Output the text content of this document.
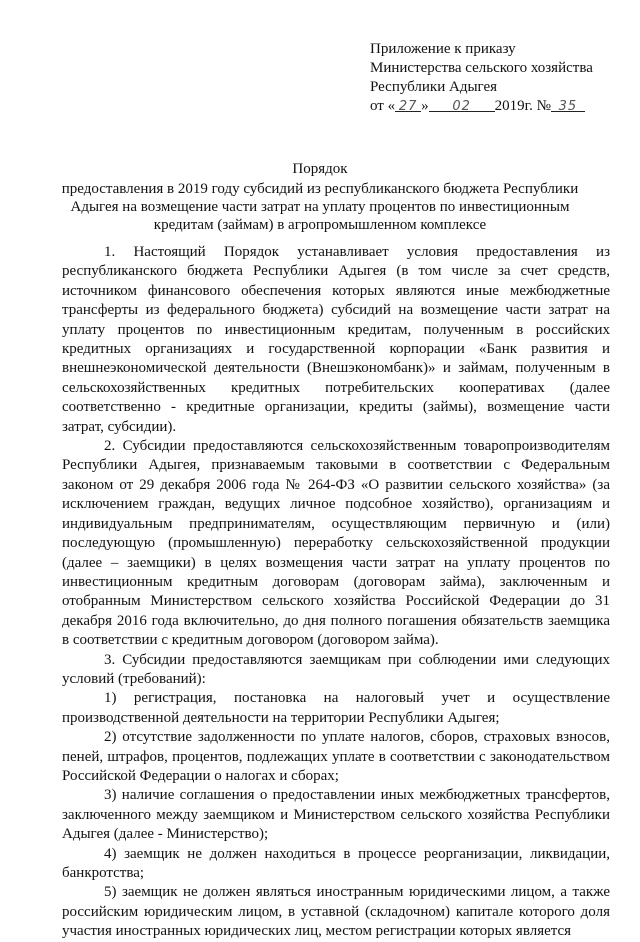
Приложение к приказу
Министерства сельского хозяйства
Республики Адыгея
от « 27 » 02 2019г. № 35
Порядок
предоставления в 2019 году субсидий из республиканского бюджета Республики Адыгея на возмещение части затрат на уплату процентов по инвестиционным кредитам (займам) в агропромышленном комплексе

1. Настоящий Порядок устанавливает условия предоставления из республиканского бюджета Республики Адыгея (в том числе за счет средств, источником финансового обеспечения которых являются иные межбюджетные трансферты из федерального бюджета) субсидий на возмещение части затрат на уплату процентов по инвестиционным кредитам, полученным в российских кредитных организациях и государственной корпорации «Банк развития и внешнеэкономической деятельности (Внешэкономбанк)» и займам, полученным в сельскохозяйственных кредитных потребительских кооперативах (далее соответственно - кредитные организации, кредиты (займы), возмещение части затрат, субсидии).

2. Субсидии предоставляются сельскохозяйственным товаропроизводителям Республики Адыгея, признаваемым таковыми в соответствии с Федеральным законом от 29 декабря 2006 года № 264-ФЗ «О развитии сельского хозяйства» (за исключением граждан, ведущих личное подсобное хозяйство), организациям и индивидуальным предпринимателям, осуществляющим первичную и (или) последующую (промышленную) переработку сельскохозяйственной продукции (далее – заемщики) в целях возмещения части затрат на уплату процентов по инвестиционным кредитным договорам (договорам займа), заключенным и отобранным Министерством сельского хозяйства Российской Федерации до 31 декабря 2016 года включительно, до дня полного погашения обязательств заемщика в соответствии с кредитным договором (договором займа).

3. Субсидии предоставляются заемщикам при соблюдении ими следующих условий (требований):

1) регистрация, постановка на налоговый учет и осуществление производственной деятельности на территории Республики Адыгея;

2) отсутствие задолженности по уплате налогов, сборов, страховых взносов, пеней, штрафов, процентов, подлежащих уплате в соответствии с законодательством Российской Федерации о налогах и сборах;

3) наличие соглашения о предоставлении иных межбюджетных трансфертов, заключенного между заемщиком и Министерством сельского хозяйства Республики Адыгея (далее - Министерство);

4) заемщик не должен находиться в процессе реорганизации, ликвидации, банкротства;

5) заемщик не должен являться иностранным юридическими лицом, а также российским юридическим лицом, в уставной (складочном) капитале которого доля участия иностранных юридических лиц, местом регистрации которых является
